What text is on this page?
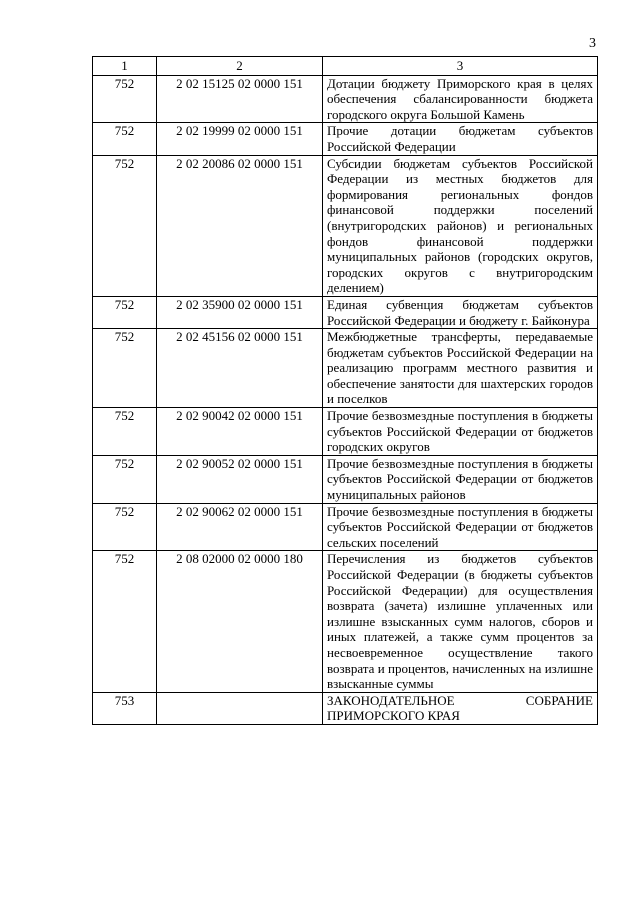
3
1	2	3
752	2 02 15125 02 0000 151	Дотации бюджету Приморского края в целях обеспечения сбалансированности бюджета городского округа Большой Камень
752	2 02 19999 02 0000 151	Прочие дотации бюджетам субъектов Российской Федерации
752	2 02 20086 02 0000 151	Субсидии бюджетам субъектов Российской Федерации из местных бюджетов для формирования региональных фондов финансовой поддержки поселений (внутригородских районов) и региональных фондов финансовой поддержки муниципальных районов (городских округов, городских округов с внутригородским делением)
752	2 02 35900 02 0000 151	Единая субвенция бюджетам субъектов Российской Федерации и бюджету г. Байконура
752	2 02 45156 02 0000 151	Межбюджетные трансферты, передаваемые бюджетам субъектов Российской Федерации на реализацию программ местного развития и обеспечение занятости для шахтерских городов и поселков
752	2 02 90042 02 0000 151	Прочие безвозмездные поступления в бюджеты субъектов Российской Федерации от бюджетов городских округов
752	2 02 90052 02 0000 151	Прочие безвозмездные поступления в бюджеты субъектов Российской Федерации от бюджетов муниципальных районов
752	2 02 90062 02 0000 151	Прочие безвозмездные поступления в бюджеты субъектов Российской Федерации от бюджетов сельских поселений
752	2 08 02000 02 0000 180	Перечисления из бюджетов субъектов Российской Федерации (в бюджеты субъектов Российской Федерации) для осуществления возврата (зачета) излишне уплаченных или излишне взысканных сумм налогов, сборов и иных платежей, а также сумм процентов за несвоевременное осуществление такого возврата и процентов, начисленных на излишне взысканные суммы
753		ЗАКОНОДАТЕЛЬНОЕ СОБРАНИЕ ПРИМОРСКОГО КРАЯ
